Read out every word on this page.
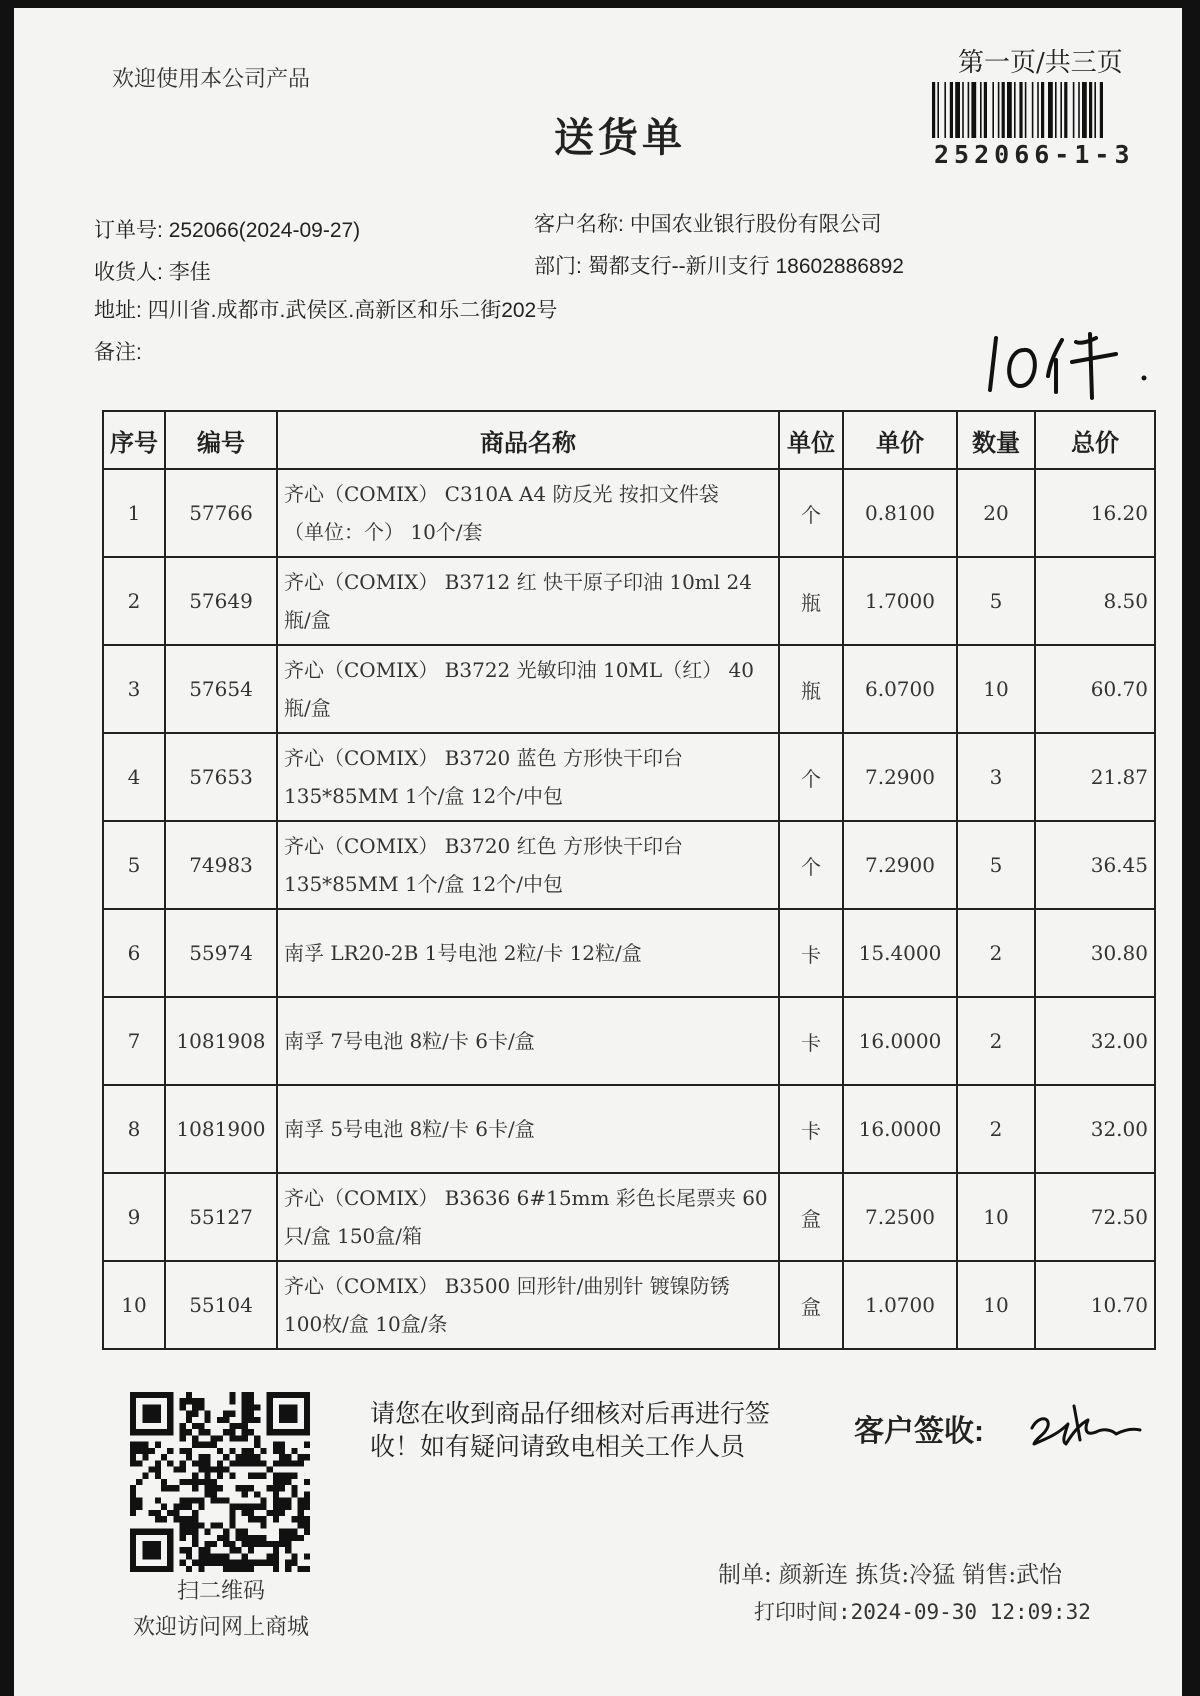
欢迎使用本公司产品
第一页/共三页
252066-1-3
送货单
订单号: 252066(2024-09-27)	客户名称: 中国农业银行股份有限公司
收货人: 李佳	部门: 蜀都支行--新川支行 18602886892
地址: 四川省.成都市.武侯区.高新区和乐二街202号
备注:
序号	编号	商品名称	单位	单价	数量	总价
1	57766	齐心（COMIX） C310A A4 防反光 按扣文件袋
（单位：个） 10个/套	个	0.8100	20	16.20
2	57649	齐心（COMIX） B3712 红 快干原子印油 10ml 24
瓶/盒	瓶	1.7000	5	8.50
3	57654	齐心（COMIX） B3722 光敏印油 10ML（红） 40
瓶/盒	瓶	6.0700	10	60.70
4	57653	齐心（COMIX） B3720 蓝色 方形快干印台
135*85MM 1个/盒 12个/中包	个	7.2900	3	21.87
5	74983	齐心（COMIX） B3720 红色 方形快干印台
135*85MM 1个/盒 12个/中包	个	7.2900	5	36.45
6	55974	南孚 LR20-2B 1号电池 2粒/卡 12粒/盒	卡	15.4000	2	30.80
7	1081908	南孚 7号电池 8粒/卡 6卡/盒	卡	16.0000	2	32.00
8	1081900	南孚 5号电池 8粒/卡 6卡/盒	卡	16.0000	2	32.00
9	55127	齐心（COMIX） B3636 6#15mm 彩色长尾票夹 60
只/盒 150盒/箱	盒	7.2500	10	72.50
10	55104	齐心（COMIX） B3500 回形针/曲别针 镀镍防锈
100枚/盒 10盒/条	盒	1.0700	10	10.70
扫二维码
欢迎访问网上商城
请您在收到商品仔细核对后再进行签收！如有疑问请致电相关工作人员	客户签收:
制单: 颜新连 拣货:冷猛 销售:武怡
打印时间:2024-09-30 12:09:32
